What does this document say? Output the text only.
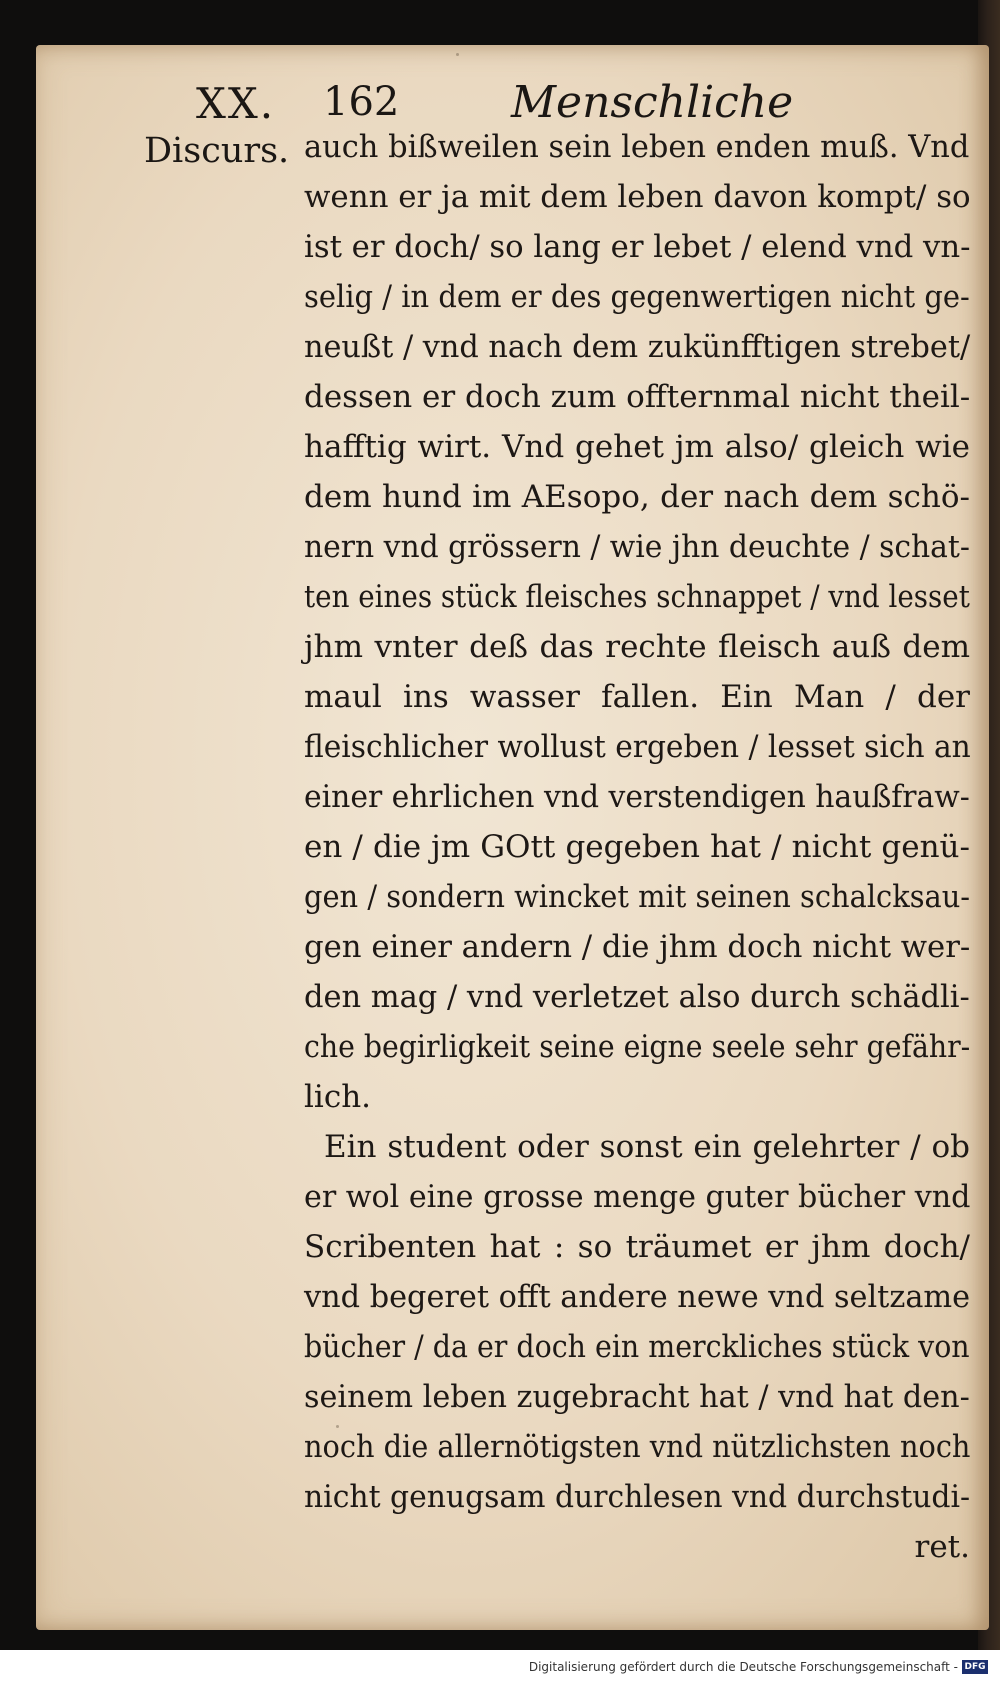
XX. 162	Menschliche
Discurs. auch bißweilen sein leben enden muß. Vnd
wenn er ja mit dem leben davon kompt/ so
ist er doch/ so lang er lebet / elend vnd vn-
selig / in dem er des gegenwertigen nicht ge-
neußt / vnd nach dem zukünfftigen strebet/
dessen er doch zum offternmal nicht theil-
hafftig wirt. Vnd gehet jm also/ gleich wie
dem hund im AEsopo, der nach dem schö-
nern vnd grössern / wie jhn deuchte / schat-
ten eines stück fleisches schnappet / vnd lesset
jhm vnter deß das rechte fleisch auß dem
maul ins wasser fallen. Ein Man / der
fleischlicher wollust ergeben / lesset sich an
einer ehrlichen vnd verstendigen haußfraw-
en / die jm GOtt gegeben hat / nicht genü-
gen / sondern wincket mit seinen schalcksau-
gen einer andern / die jhm doch nicht wer-
den mag / vnd verletzet also durch schädli-
che begirligkeit seine eigne seele sehr gefähr-
lich.
Ein student oder sonst ein gelehrter / ob
er wol eine grosse menge guter bücher vnd
Scribenten hat : so träumet er jhm doch/
vnd begeret offt andere newe vnd seltzame
bücher / da er doch ein merckliches stück von
seinem leben zugebracht hat / vnd hat den-
noch die allernötigsten vnd nützlichsten noch
nicht genugsam durchlesen vnd durchstudi-
ret.
Digitalisierung gefördert durch die Deutsche Forschungsgemeinschaft - DFG
